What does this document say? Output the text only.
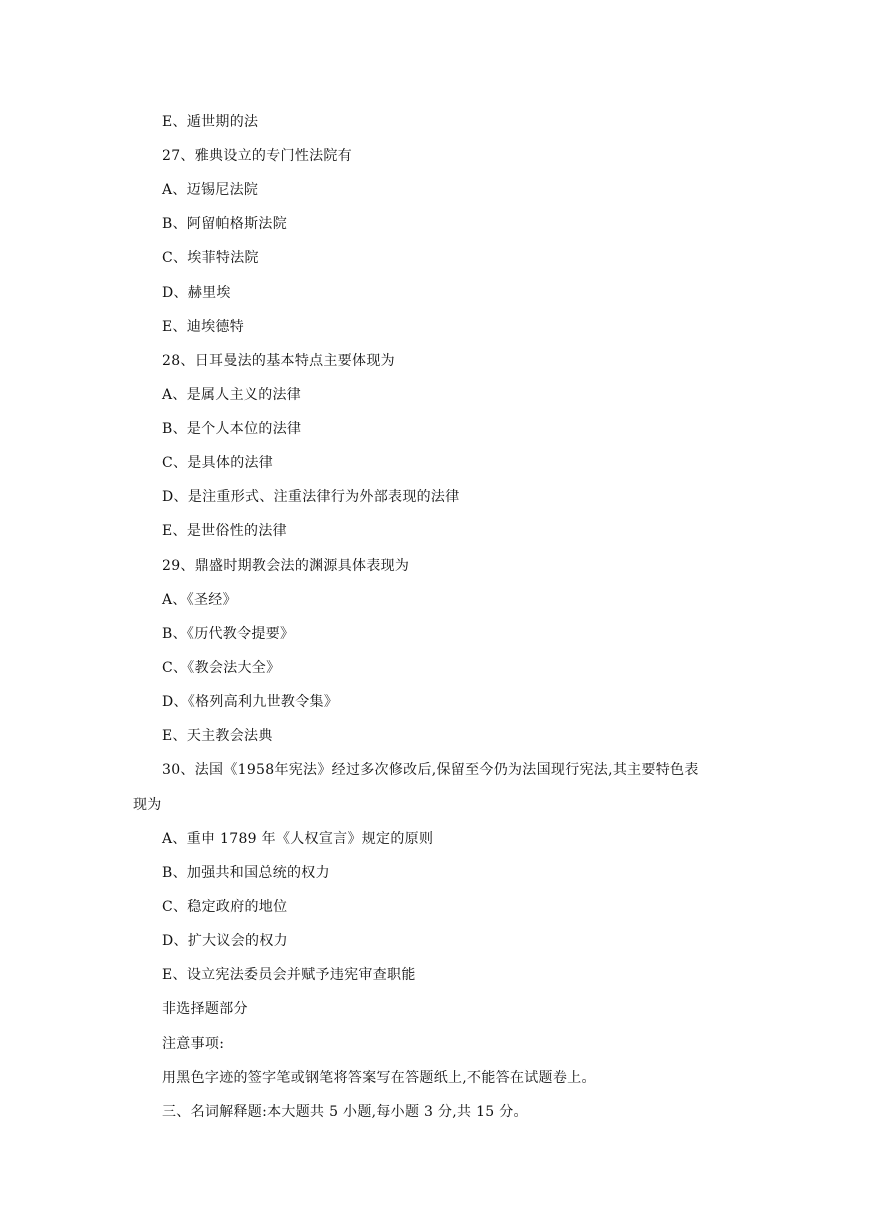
E、遁世期的法
27、雅典设立的专门性法院有
A、迈锡尼法院
B、阿留帕格斯法院
C、埃菲特法院
D、赫里埃
E、迪埃德特
28、日耳曼法的基本特点主要体现为
A、是属人主义的法律
B、是个人本位的法律
C、是具体的法律
D、是注重形式、注重法律行为外部表现的法律
E、是世俗性的法律
29、鼎盛时期教会法的渊源具体表现为
A、《圣经》
B、《历代教令提要》
C、《教会法大全》
D、《格列高利九世教令集》
E、天主教会法典
30、法国《1958年宪法》经过多次修改后,保留至今仍为法国现行宪法,其主要特色表
现为
A、重申 1789 年《人权宣言》规定的原则
B、加强共和国总统的权力
C、稳定政府的地位
D、扩大议会的权力
E、设立宪法委员会并赋予违宪审查职能
非选择题部分
注意事项:
用黑色字迹的签字笔或钢笔将答案写在答题纸上,不能答在试题卷上。
三、名词解释题:本大题共 5 小题,每小题 3 分,共 15 分。
